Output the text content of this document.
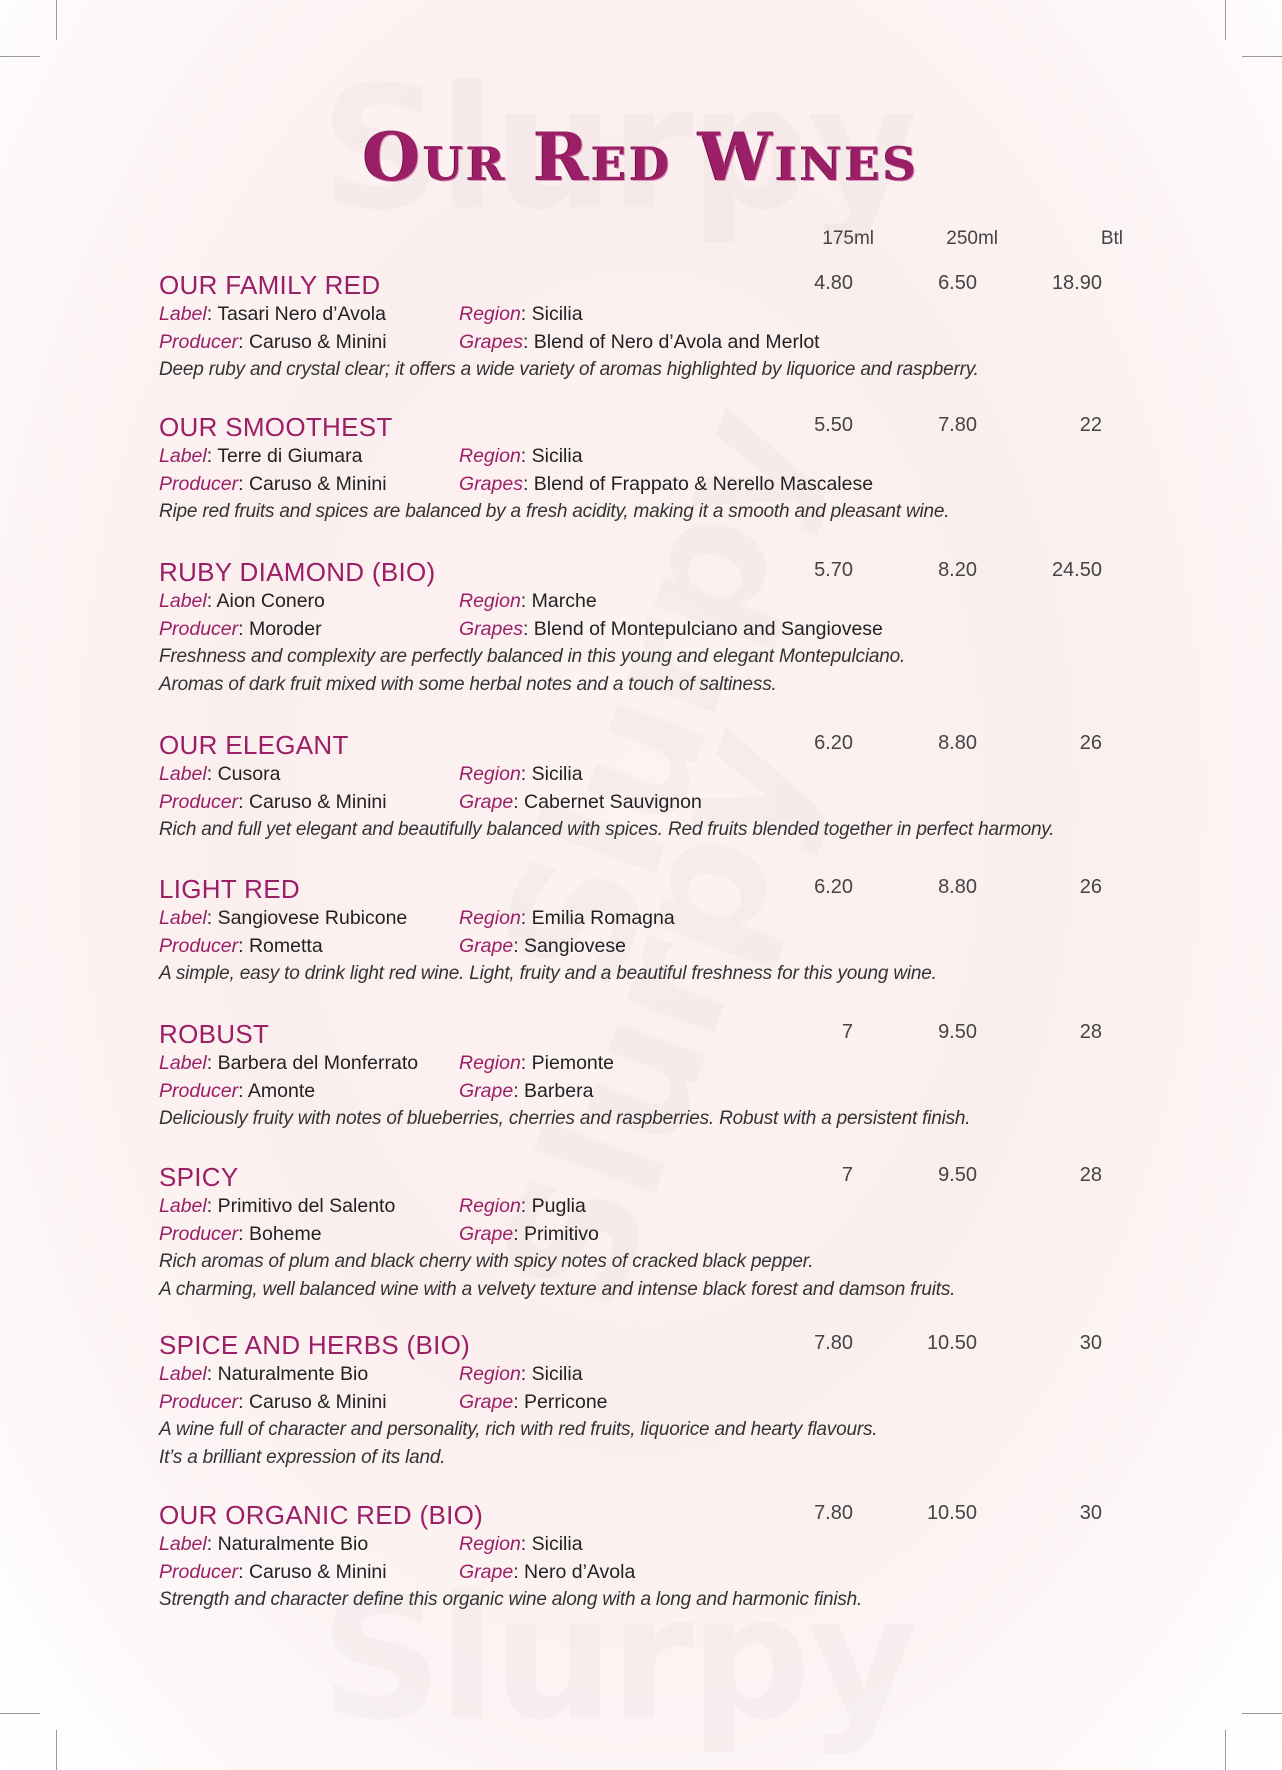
Our Red Wines
175ml	250ml	Btl
OUR FAMILY RED	4.80	6.50	18.90
Label: Tasari Nero d’Avola	Region: Sicilia
Producer: Caruso & Minini	Grapes: Blend of Nero d’Avola and Merlot
Deep ruby and crystal clear; it offers a wide variety of aromas highlighted by liquorice and raspberry.
OUR SMOOTHEST	5.50	7.80	22
Label: Terre di Giumara	Region: Sicilia
Producer: Caruso & Minini	Grapes: Blend of Frappato & Nerello Mascalese
Ripe red fruits and spices are balanced by a fresh acidity, making it a smooth and pleasant wine.
RUBY DIAMOND (BIO)	5.70	8.20	24.50
Label: Aion Conero	Region: Marche
Producer: Moroder	Grapes: Blend of Montepulciano and Sangiovese
Freshness and complexity are perfectly balanced in this young and elegant Montepulciano.
Aromas of dark fruit mixed with some herbal notes and a touch of saltiness.
OUR ELEGANT	6.20	8.80	26
Label: Cusora	Region: Sicilia
Producer: Caruso & Minini	Grape: Cabernet Sauvignon
Rich and full yet elegant and beautifully balanced with spices. Red fruits blended together in perfect harmony.
LIGHT RED	6.20	8.80	26
Label: Sangiovese Rubicone	Region: Emilia Romagna
Producer: Rometta	Grape: Sangiovese
A simple, easy to drink light red wine. Light, fruity and a beautiful freshness for this young wine.
ROBUST	7	9.50	28
Label: Barbera del Monferrato Region: Piemonte
Producer: Amonte	Grape: Barbera
Deliciously fruity with notes of blueberries, cherries and raspberries. Robust with a persistent finish.
SPICY	7	9.50	28
Label: Primitivo del Salento	Region: Puglia
Producer: Boheme	Grape: Primitivo
Rich aromas of plum and black cherry with spicy notes of cracked black pepper.
A charming, well balanced wine with a velvety texture and intense black forest and damson fruits.
SPICE AND HERBS (BIO)	7.80	10.50	30
Label: Naturalmente Bio	Region: Sicilia
Producer: Caruso & Minini	Grape: Perricone
A wine full of character and personality, rich with red fruits, liquorice and hearty flavours.
It’s a brilliant expression of its land.
OUR ORGANIC RED (BIO)	7.80	10.50	30
Label: Naturalmente Bio	Region: Sicilia
Producer: Caruso & Minini	Grape: Nero d’Avola
Strength and character define this organic wine along with a long and harmonic finish.
